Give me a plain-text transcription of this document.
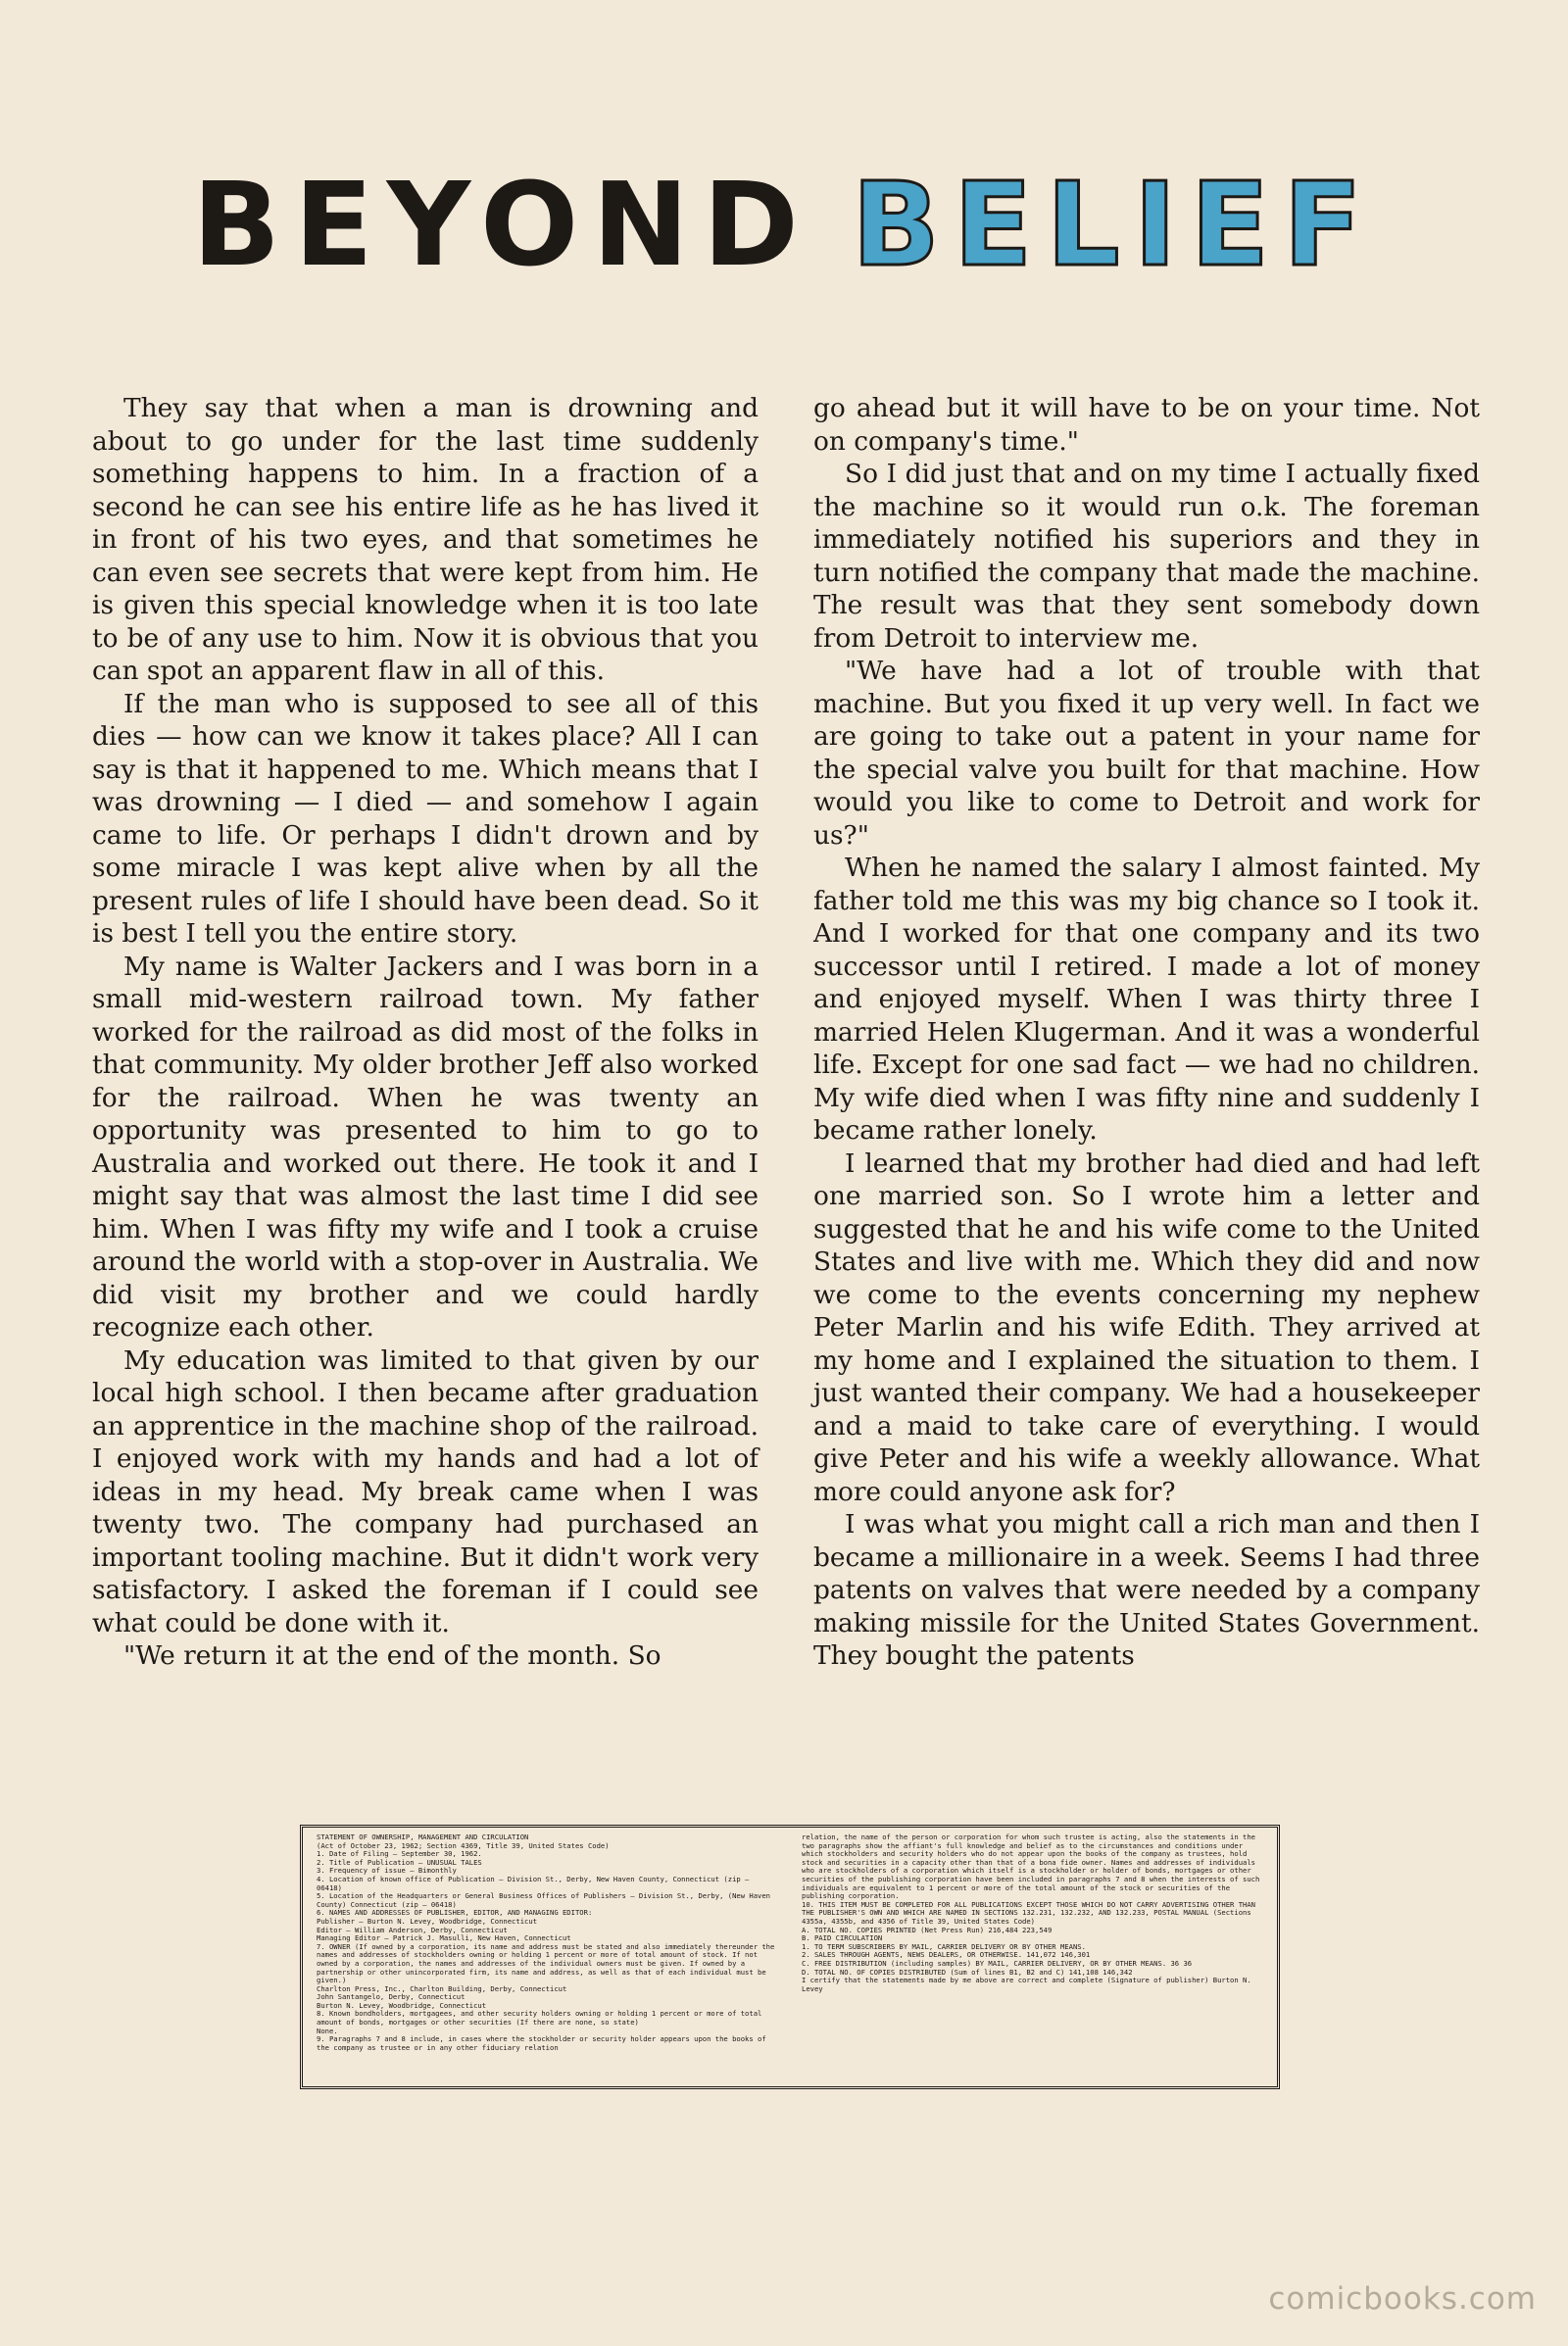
BEYOND BELIEF

They say that when a man is drowning and about to go under for the last time suddenly something happens to him. In a fraction of a second he can see his entire life as he has lived it in front of his two eyes, and that sometimes he can even see secrets that were kept from him. He is given this special knowledge when it is too late to be of any use to him. Now it is obvious that you can spot an apparent flaw in all of this.

If the man who is supposed to see all of this dies — how can we know it takes place? All I can say is that it happened to me. Which means that I was drowning — I died — and somehow I again came to life. Or perhaps I didn't drown and by some miracle I was kept alive when by all the present rules of life I should have been dead. So it is best I tell you the entire story.

My name is Walter Jackers and I was born in a small mid-western railroad town. My father worked for the railroad as did most of the folks in that community. My older brother Jeff also worked for the railroad. When he was twenty an opportunity was presented to him to go to Australia and worked out there. He took it and I might say that was almost the last time I did see him. When I was fifty my wife and I took a cruise around the world with a stop-over in Australia. We did visit my brother and we could hardly recognize each other.

My education was limited to that given by our local high school. I then became after graduation an apprentice in the machine shop of the railroad. I enjoyed work with my hands and had a lot of ideas in my head. My break came when I was twenty two. The company had purchased an important tooling machine. But it didn't work very satisfactory. I asked the foreman if I could see what could be done with it.

"We return it at the end of the month. So

go ahead but it will have to be on your time. Not on company's time."

So I did just that and on my time I actually fixed the machine so it would run o.k. The foreman immediately notified his superiors and they in turn notified the company that made the machine. The result was that they sent somebody down from Detroit to interview me.

"We have had a lot of trouble with that machine. But you fixed it up very well. In fact we are going to take out a patent in your name for the special valve you built for that machine. How would you like to come to Detroit and work for us?"

When he named the salary I almost fainted. My father told me this was my big chance so I took it. And I worked for that one company and its two successor until I retired. I made a lot of money and enjoyed myself. When I was thirty three I married Helen Klugerman. And it was a wonderful life. Except for one sad fact — we had no children. My wife died when I was fifty nine and suddenly I became rather lonely.

I learned that my brother had died and had left one married son. So I wrote him a letter and suggested that he and his wife come to the United States and live with me. Which they did and now we come to the events concerning my nephew Peter Marlin and his wife Edith. They arrived at my home and I explained the situation to them. I just wanted their company. We had a housekeeper and a maid to take care of everything. I would give Peter and his wife a weekly allowance. What more could anyone ask for?

I was what you might call a rich man and then I became a millionaire in a week. Seems I had three patents on valves that were needed by a company making missile for the United States Government. They bought the patents

STATEMENT OF OWNERSHIP, MANAGEMENT AND CIRCULATION
(Act of October 23, 1962; Section 4369, Title 39, United States Code)
1. Date of Filing — September 30, 1962.
2. Title of Publication — UNUSUAL TALES
3. Frequency of issue — Bimonthly
4. Location of known office of Publication — Division St., Derby, New Haven County, Connecticut (zip — 06418)
5. Location of the Headquarters or General Business Offices of Publishers — Division St., Derby, (New Haven County) Connecticut (zip — 06418)
6. NAMES AND ADDRESSES OF PUBLISHER, EDITOR, AND MANAGING EDITOR:
Publisher — Burton N. Levey, Woodbridge, Connecticut
Editor — William Anderson, Derby, Connecticut
Managing Editor — Patrick J. Masulli, New Haven, Connecticut
7. OWNER (If owned by a corporation, its name and address must be stated and also immediately thereunder the names and addresses of stockholders owning or holding 1 percent or more of total amount of stock. If not owned by a corporation, the names and addresses of the individual owners must be given. If owned by a partnership or other unincorporated firm, its name and address, as well as that of each individual must be given.)
Charlton Press, Inc., Charlton Building, Derby, Connecticut
John Santangelo, Derby, Connecticut
Burton N. Levey, Woodbridge, Connecticut
8. Known bondholders, mortgagees, and other security holders owning or holding 1 percent or more of total amount of bonds, mortgages or other securities (If there are none, so state)
None.
9. Paragraphs 7 and 8 include, in cases where the stockholder or security holder appears upon the books of the company as trustee or in any other fiduciary relation
relation, the name of the person or corporation for whom such trustee is acting, also the statements in the two paragraphs show the affiant's full knowledge and belief as to the circumstances and conditions under which stockholders and security holders who do not appear upon the books of the company as trustees, hold stock and securities in a capacity other than that of a bona fide owner. Names and addresses of individuals who are stockholders of a corporation which itself is a stockholder or holder of bonds, mortgages or other securities of the publishing corporation have been included in paragraphs 7 and 8 when the interests of such individuals are equivalent to 1 percent or more of the total amount of the stock or securities of the publishing corporation.
10. THIS ITEM MUST BE COMPLETED FOR ALL PUBLICATIONS EXCEPT THOSE WHICH DO NOT CARRY ADVERTISING OTHER THAN THE PUBLISHER'S OWN AND WHICH ARE NAMED IN SECTIONS 132.231, 132.232, AND 132.233, POSTAL MANUAL (Sections 4355a, 4355b, and 4356 of Title 39, United States Code)
A. TOTAL NO. COPIES PRINTED (Net Press Run) 216,484 223,549
B. PAID CIRCULATION
1. TO TERM SUBSCRIBERS BY MAIL, CARRIER DELIVERY OR BY OTHER MEANS.
2. SALES THROUGH AGENTS, NEWS DEALERS, OR OTHERWISE. 141,072 146,301
C. FREE DISTRIBUTION (including samples) BY MAIL, CARRIER DELIVERY, OR BY OTHER MEANS. 36 36
D. TOTAL NO. OF COPIES DISTRIBUTED (Sum of lines B1, B2 and C) 141,108 146,342
I certify that the statements made by me above are correct and complete (Signature of publisher) Burton N. Levey
comicbooks.com
